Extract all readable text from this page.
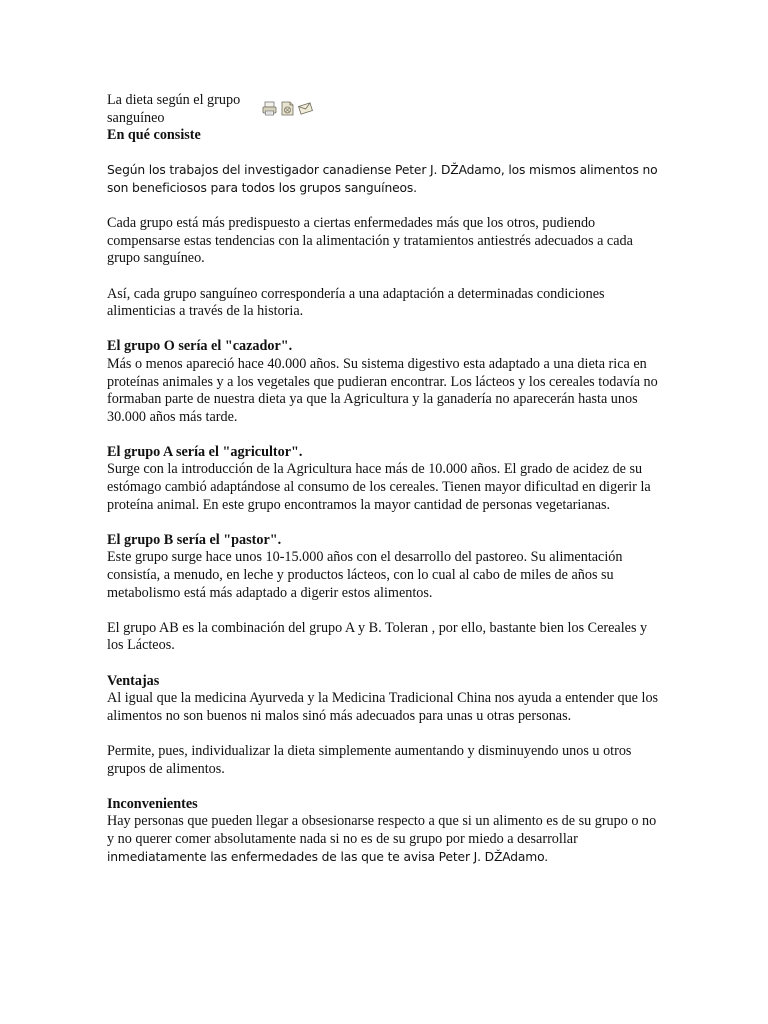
La dieta según el grupo sanguíneo

En qué consiste

Según los trabajos del investigador canadiense Peter J. DŽAdamo, los mismos alimentos no son beneficiosos para todos los grupos sanguíneos.

Cada grupo está más predispuesto a ciertas enfermedades más que los otros, pudiendo compensarse estas tendencias con la alimentación y tratamientos antiestrés adecuados a cada grupo sanguíneo.

Así, cada grupo sanguíneo correspondería a una adaptación a determinadas condiciones alimenticias a través de la historia.

El grupo O sería el "cazador".

Más o menos apareció hace 40.000 años. Su sistema digestivo esta adaptado a una dieta rica en proteínas animales y a los vegetales que pudieran encontrar. Los lácteos y los cereales todavía no formaban parte de nuestra dieta ya que la Agricultura y la ganadería no aparecerán hasta unos 30.000 años más tarde.

El grupo A sería el "agricultor".

Surge con la introducción de la Agricultura hace más de 10.000 años. El grado de acidez de su estómago cambió adaptándose al consumo de los cereales. Tienen mayor dificultad en digerir la proteína animal. En este grupo encontramos la mayor cantidad de personas vegetarianas.

El grupo B sería el "pastor".

Este grupo surge hace unos 10-15.000 años con el desarrollo del pastoreo. Su alimentación consistía, a menudo, en leche y productos lácteos, con lo cual al cabo de miles de años su metabolismo está más adaptado a digerir estos alimentos.

El grupo AB es la combinación del grupo A y B. Toleran , por ello, bastante bien los Cereales y los Lácteos.

Ventajas

Al igual que la medicina Ayurveda y la Medicina Tradicional China nos ayuda a entender que los alimentos no son buenos ni malos sinó más adecuados para unas u otras personas.

Permite, pues, individualizar la dieta simplemente aumentando y disminuyendo unos u otros grupos de alimentos.

Inconvenientes

Hay personas que pueden llegar a obsesionarse respecto a que si un alimento es de su grupo o no y no querer comer absolutamente nada si no es de su grupo por miedo a desarrollar

inmediatamente las enfermedades de las que te avisa Peter J. DŽAdamo.
